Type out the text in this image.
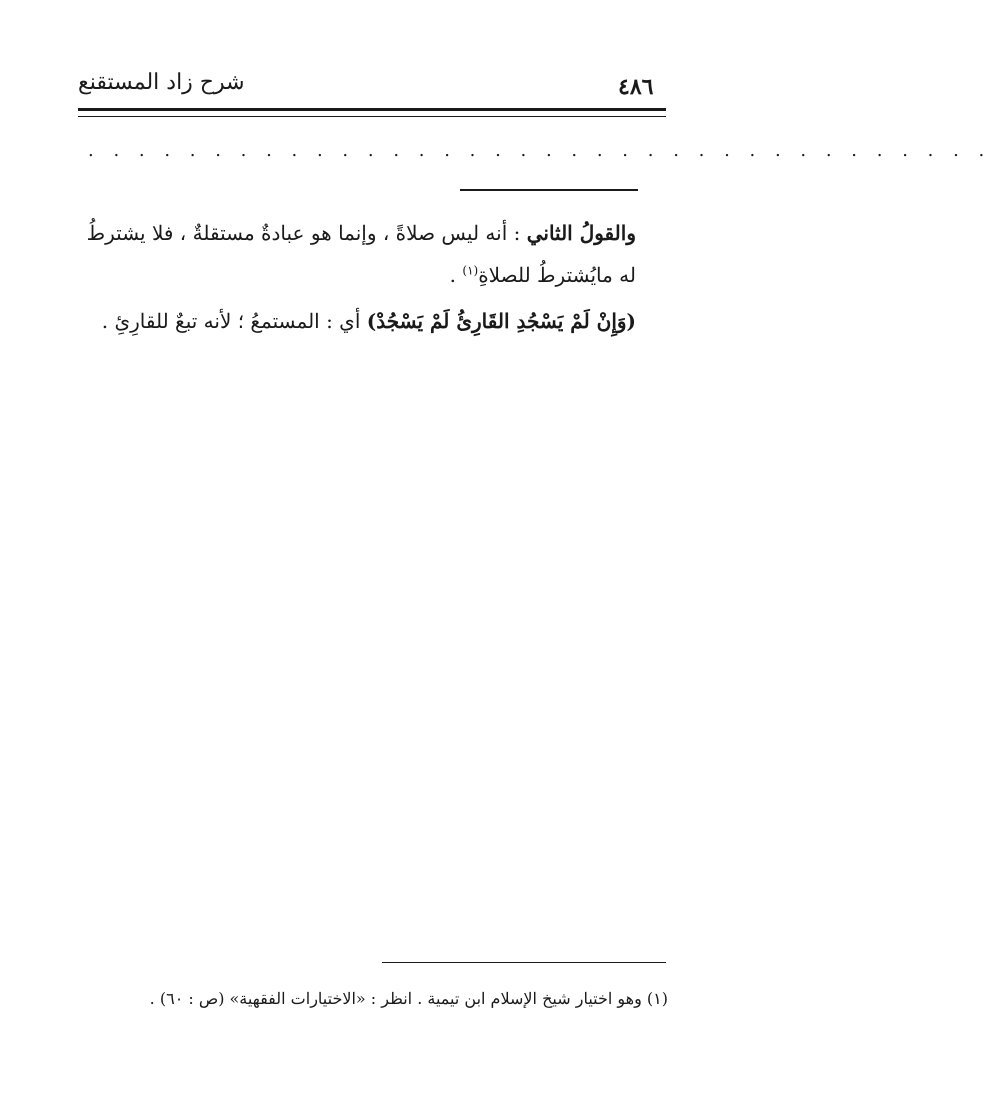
شرح زاد المستقنع	٤٨٦
. . . . . . . . . . . . . . . . . . . . . . . . . . . . . . . . . . . .

والقولُ الثاني : أنه ليس صلاةً ، وإنما هو عبادةٌ مستقلةٌ ، فلا يشترطُ له مايُشترطُ للصلاةِ$^{(١)}$ .

(وَإِنْ لَمْ يَسْجُدِ القَارِئُ لَمْ يَسْجُدْ) أي : المستمعُ ؛ لأنه تبعٌ للقارِئِ .

(١) وهو اختيار شيخ الإسلام ابن تيمية . انظر : «الاختيارات الفقهية» (ص : ٦٠) .
